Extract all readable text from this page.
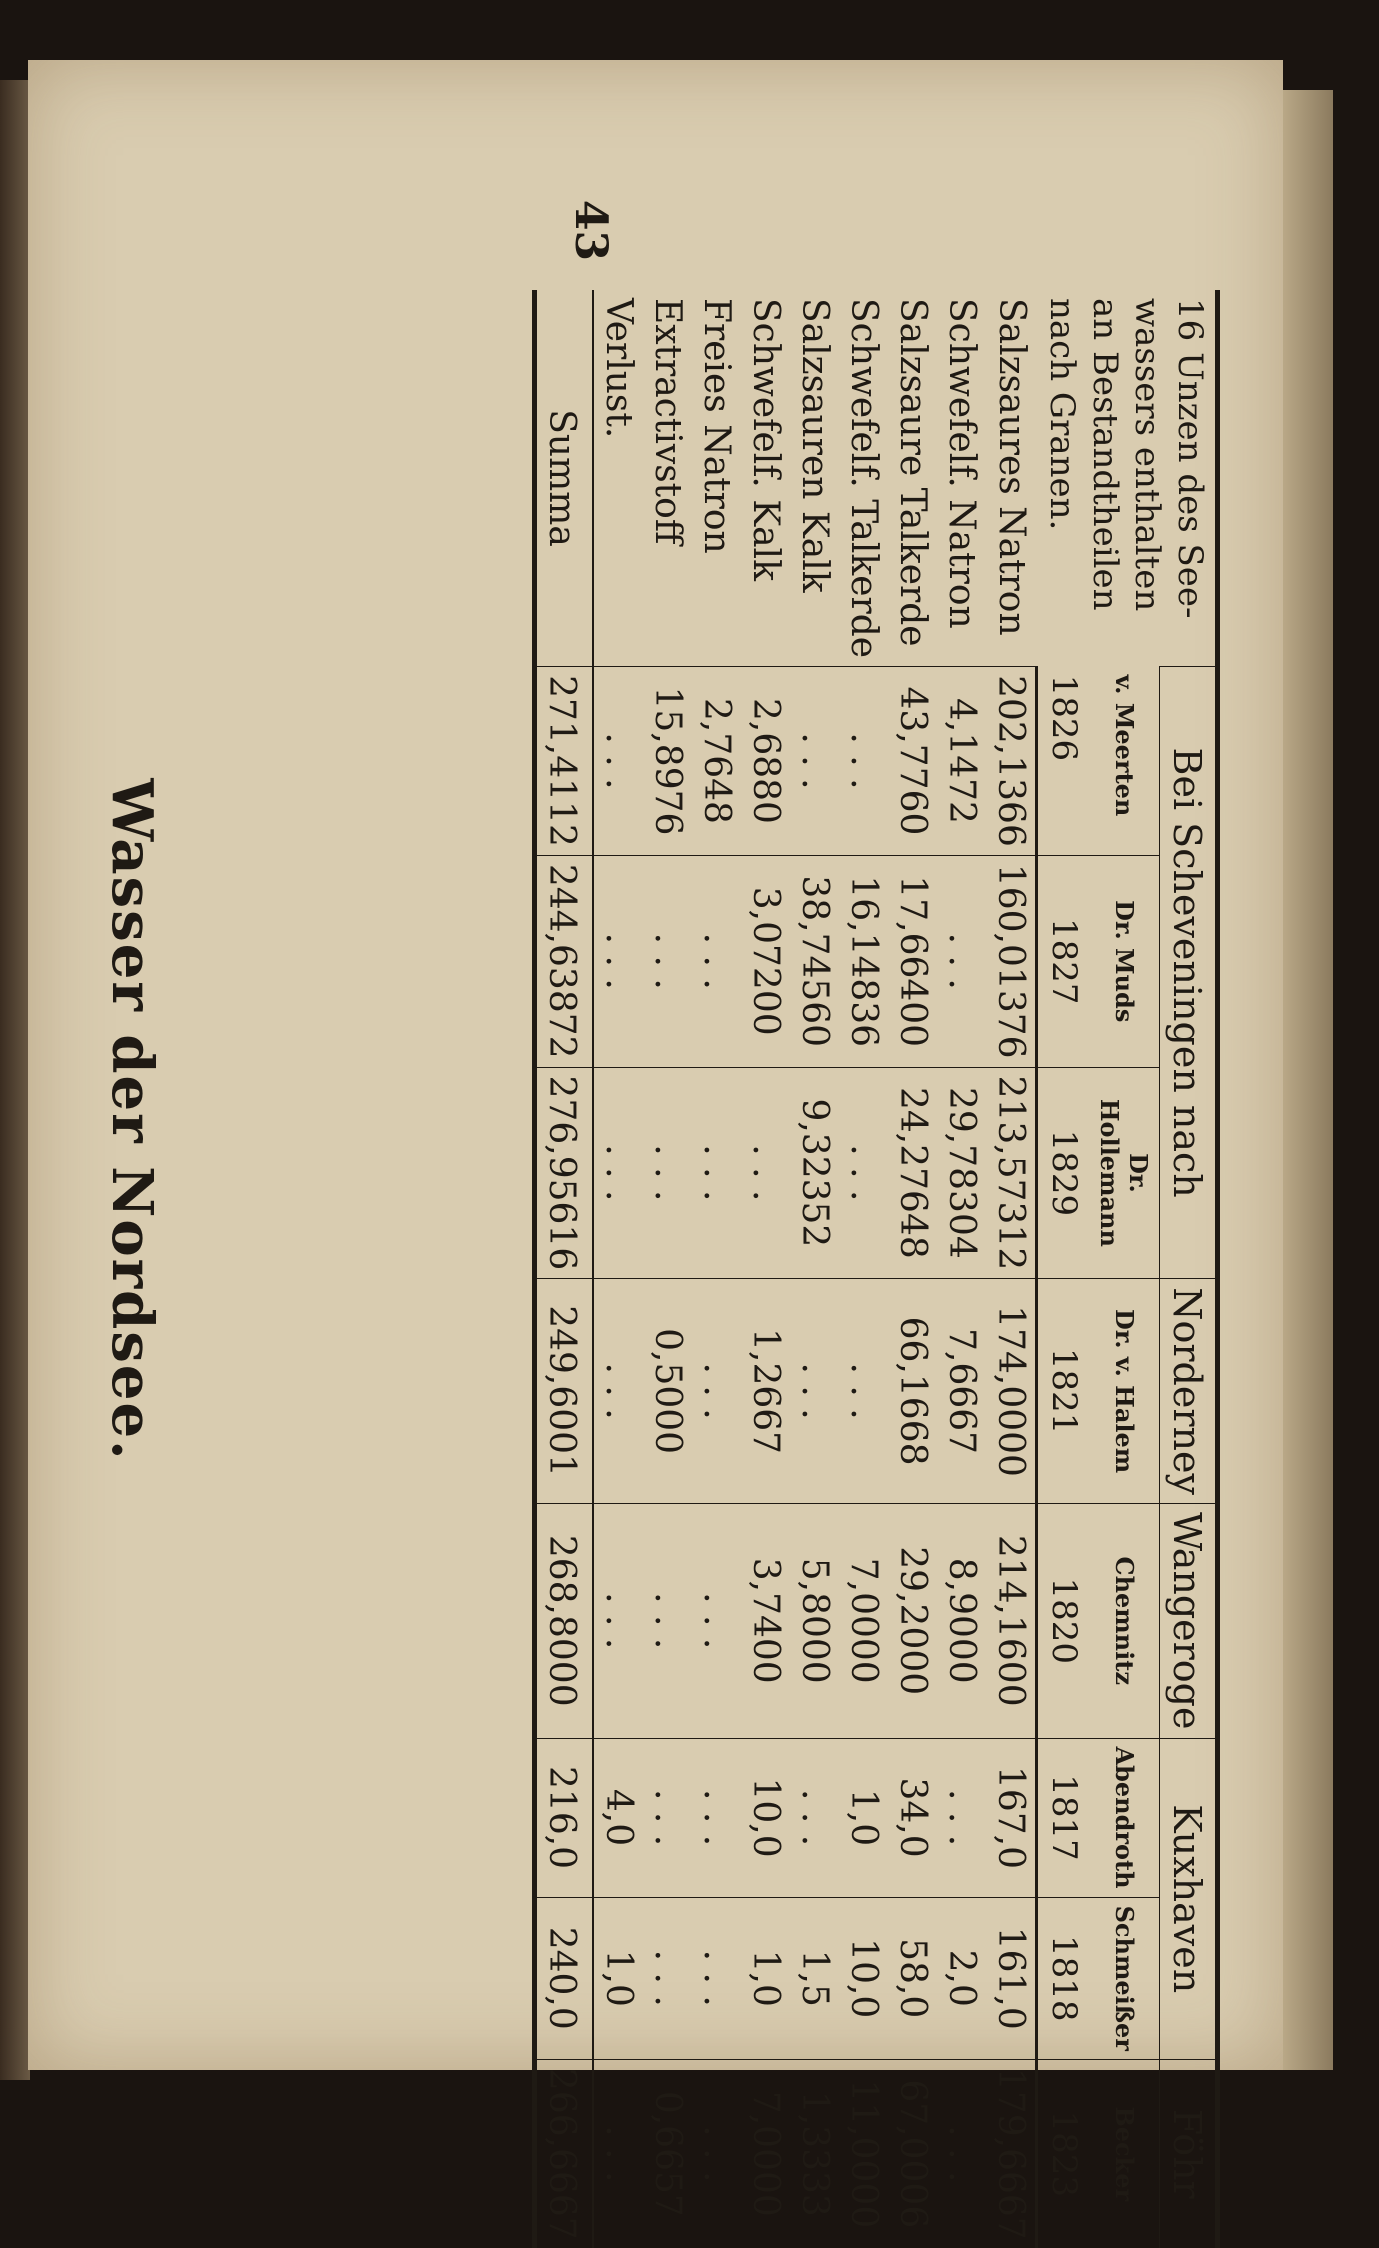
43
16 Unzen des See- wassers enthalten an Bestandtheilen nach Granen.	Bei Scheveningen nach			Norderney	Wangeroge	Kuxhaven		Föhr
	v. Meerten	Dr. Muds	Dr. Hollemann	Dr. v. Halem	Chemnitz	Abendroth	Schmeißer	Becker
	1826	1827	1829	1821	1820	1817	1818	1823
Salzsaures Natron	202,1366	160,01376	213,57312	174,0000	214,1600	167,0	161,0	179,6667
Schwefelf. Natron	4,1472	. . .	29,78304	7,6667	8,9000	. . .	2,0	. . .
Salzsaure Talkerde	43,7760	17,66400	24,27648	66,1668	29,2000	34,0	58,0	67,0006
Schwefelf. Talkerde	. . .	16,14836	. . .	. . .	7,0000	1,0	10,0	11,0000
Salzsauren Kalk	. . .	38,74560	9,32352	. . .	5,8000	. . .	1,5	1,3333
Schwefelf. Kalk	2,6880	3,07200	. . .	1,2667	3,7400	10,0	1,0	7,0000
Freies Natron	2,7648	. . .	. . .	. . .	. . .	. . .	. . .	. . .
Extractivstoff	15,8976	. . .	. . .	0,5000	. . .	. . .	. . .	0,6657
Verlust.	. . .	. . .	. . .	. . .	. . .	4,0	1,0	. . .
Summa	271,4112	244,63872	276,95616	249,6001	268,8000	216,0	240,0	266,6667
Wasser der Nordsee.
